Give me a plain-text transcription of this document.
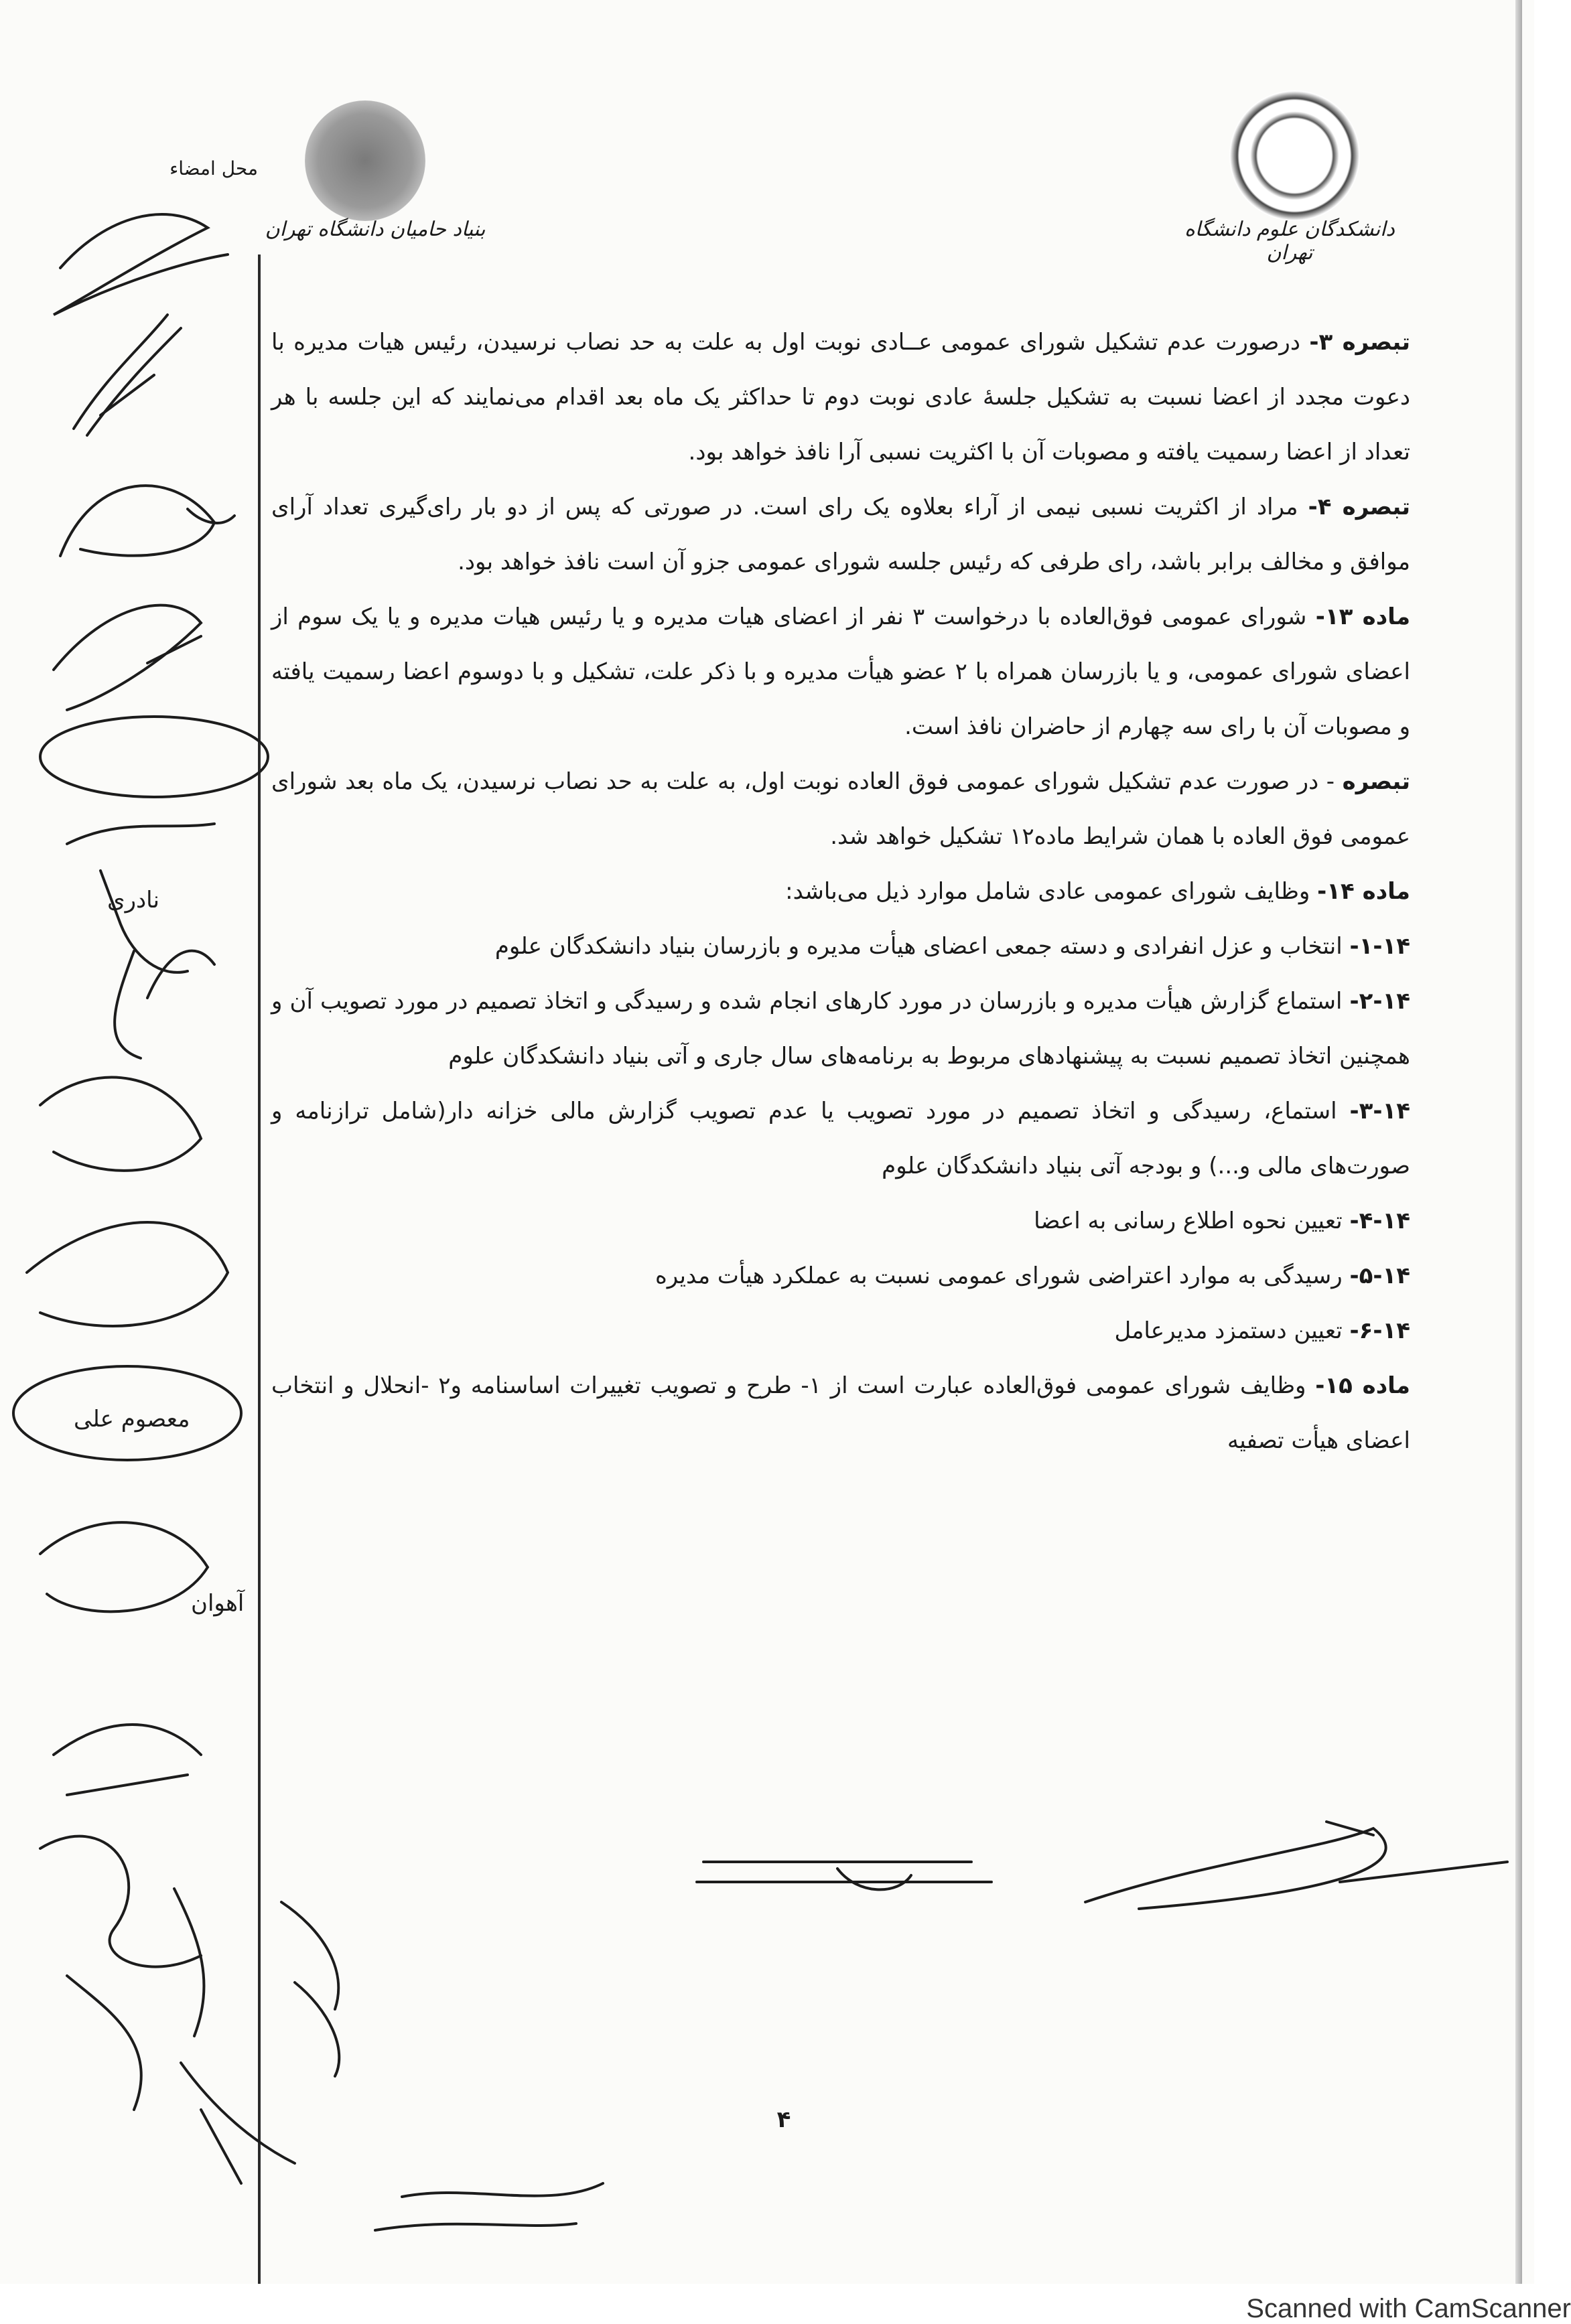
محل امضاء
بنیاد حامیان دانشگاه تهران	دانشکدگان علوم دانشگاه تهران

تبصره ۳- درصورت عدم تشکیل شورای عمومی عــادی نوبت اول به علت به حد نصاب نرسیدن، رئیس هیات مدیره با دعوت مجدد از اعضا نسبت به تشکیل جلسهٔ عادی نوبت دوم تا حداکثر یک ماه بعد اقدام می‌نمایند که این جلسه با هر تعداد از اعضا رسمیت یافته و مصوبات آن با اکثریت نسبی آرا نافذ خواهد بود.

تبصره ۴- مراد از اکثریت نسبی نیمی از آراء بعلاوه یک رای است. در صورتی که پس از دو بار رای‌گیری تعداد آرای موافق و مخالف برابر باشد، رای طرفی که رئیس جلسه شورای عمومی جزو آن است نافذ خواهد بود.

ماده ۱۳- شورای عمومی فوق‌العاده با درخواست ۳ نفر از اعضای هیات مدیره و یا رئیس هیات مدیره و یا یک سوم از اعضای شورای عمومی، و یا بازرسان همراه با ۲ عضو هیأت مدیره و با ذکر علت، تشکیل و با دوسوم اعضا رسمیت یافته و مصوبات آن با رای سه چهارم از حاضران نافذ است.

تبصره - در صورت عدم تشکیل شورای عمومی فوق العاده نوبت اول، به علت به حد نصاب نرسیدن، یک ماه بعد شورای عمومی فوق العاده با همان شرایط ماده۱۲ تشکیل خواهد شد.

ماده ۱۴- وظایف شورای عمومی عادی شامل موارد ذیل می‌باشد:

۱-۱۴- انتخاب و عزل انفرادی و دسته جمعی اعضای هیأت مدیره و بازرسان بنیاد دانشکدگان علوم

۲-۱۴- استماع گزارش هیأت مدیره و بازرسان در مورد کارهای انجام شده و رسیدگی و اتخاذ تصمیم در مورد تصویب آن و همچنین اتخاذ تصمیم نسبت به پیشنهادهای مربوط به برنامه‌های سال جاری و آتی بنیاد دانشکدگان علوم

۳-۱۴- استماع، رسیدگی و اتخاذ تصمیم در مورد تصویب یا عدم تصویب گزارش مالی خزانه دار(شامل ترازنامه و صورت‌های مالی و...) و بودجه آتی بنیاد دانشکدگان علوم

۴-۱۴- تعیین نحوه اطلاع رسانی به اعضا

۵-۱۴- رسیدگی به موارد اعتراضی شورای عمومی نسبت به عملکرد هیأت مدیره

۶-۱۴- تعیین دستمزد مدیرعامل

ماده ۱۵- وظایف شورای عمومی فوق‌العاده عبارت است از ۱- طرح و تصویب تغییرات اساسنامه و۲ -انحلال و انتخاب اعضای هیأت تصفیه

۴
معصوم علی
نادری
آهوان
Scanned with CamScanner
